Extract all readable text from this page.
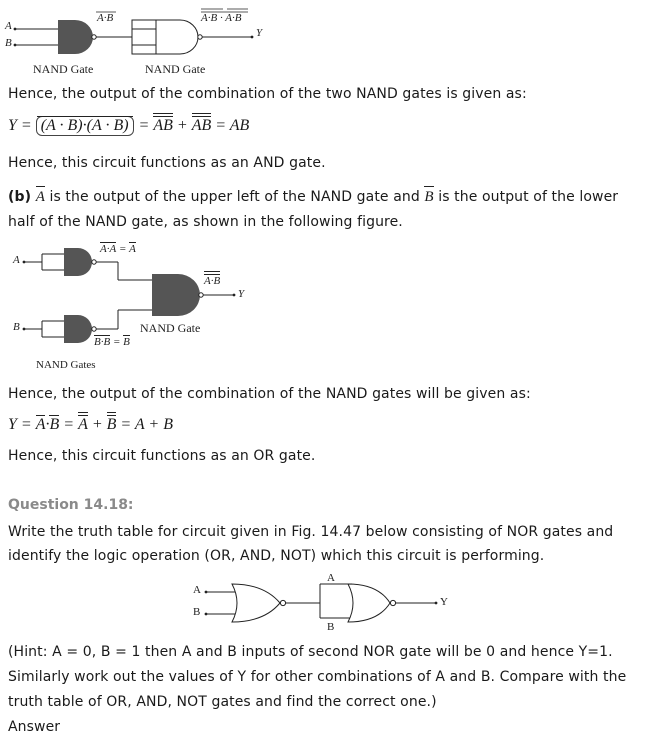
A
B
A·B	A·B · A·B
Y
NAND Gate	NAND Gate
Hence, the output of the combination of the two NAND gates is given as:
Y = (A · B)·(A · B) = AB + AB = AB
Hence, this circuit functions as an AND gate.
(b) A is the output of the upper left of the NAND gate and B is the output of the lower
half of the NAND gate, as shown in the following figure.
A
B
A·A = A
B·B = B
A·B
Y
NAND Gate
NAND Gates
Hence, the output of the combination of the NAND gates will be given as:
Y = A·B = A + B = A + B
Hence, this circuit functions as an OR gate.
Question 14.18:
Write the truth table for circuit given in Fig. 14.47 below consisting of NOR gates and
identify the logic operation (OR, AND, NOT) which this circuit is performing.
A
B
A
B
Y
(Hint: A = 0, B = 1 then A and B inputs of second NOR gate will be 0 and hence Y=1.
Similarly work out the values of Y for other combinations of A and B. Compare with the
truth table of OR, AND, NOT gates and find the correct one.)
Answer
